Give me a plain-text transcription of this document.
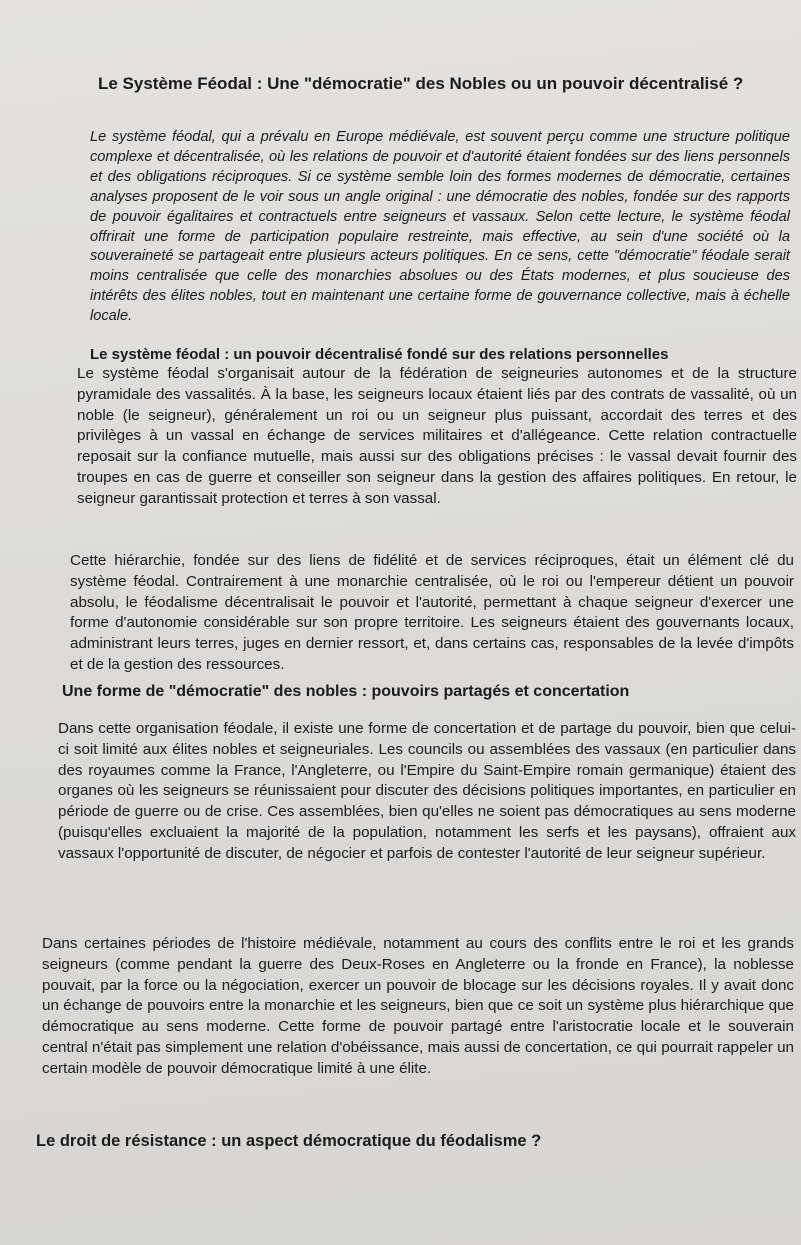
Le Système Féodal : Une "démocratie" des Nobles ou un pouvoir décentralisé ?

Le système féodal, qui a prévalu en Europe médiévale, est souvent perçu comme une structure politique complexe et décentralisée, où les relations de pouvoir et d'autorité étaient fondées sur des liens personnels et des obligations réciproques. Si ce système semble loin des formes modernes de démocratie, certaines analyses proposent de le voir sous un angle original : une démocratie des nobles, fondée sur des rapports de pouvoir égalitaires et contractuels entre seigneurs et vassaux. Selon cette lecture, le système féodal offrirait une forme de participation populaire restreinte, mais effective, au sein d'une société où la souveraineté se partageait entre plusieurs acteurs politiques. En ce sens, cette "démocratie" féodale serait moins centralisée que celle des monarchies absolues ou des États modernes, et plus soucieuse des intérêts des élites nobles, tout en maintenant une certaine forme de gouvernance collective, mais à échelle locale.

Le système féodal : un pouvoir décentralisé fondé sur des relations personnelles

Le système féodal s'organisait autour de la fédération de seigneuries autonomes et de la structure pyramidale des vassalités. À la base, les seigneurs locaux étaient liés par des contrats de vassalité, où un noble (le seigneur), généralement un roi ou un seigneur plus puissant, accordait des terres et des privilèges à un vassal en échange de services militaires et d'allégeance. Cette relation contractuelle reposait sur la confiance mutuelle, mais aussi sur des obligations précises : le vassal devait fournir des troupes en cas de guerre et conseiller son seigneur dans la gestion des affaires politiques. En retour, le seigneur garantissait protection et terres à son vassal.

Cette hiérarchie, fondée sur des liens de fidélité et de services réciproques, était un élément clé du système féodal. Contrairement à une monarchie centralisée, où le roi ou l'empereur détient un pouvoir absolu, le féodalisme décentralisait le pouvoir et l'autorité, permettant à chaque seigneur d'exercer une forme d'autonomie considérable sur son propre territoire. Les seigneurs étaient des gouvernants locaux, administrant leurs terres, juges en dernier ressort, et, dans certains cas, responsables de la levée d'impôts et de la gestion des ressources.

Une forme de "démocratie" des nobles : pouvoirs partagés et concertation

Dans cette organisation féodale, il existe une forme de concertation et de partage du pouvoir, bien que celui-ci soit limité aux élites nobles et seigneuriales. Les councils ou assemblées des vassaux (en particulier dans des royaumes comme la France, l'Angleterre, ou l'Empire du Saint-Empire romain germanique) étaient des organes où les seigneurs se réunissaient pour discuter des décisions politiques importantes, en particulier en période de guerre ou de crise. Ces assemblées, bien qu'elles ne soient pas démocratiques au sens moderne (puisqu'elles excluaient la majorité de la population, notamment les serfs et les paysans), offraient aux vassaux l'opportunité de discuter, de négocier et parfois de contester l'autorité de leur seigneur supérieur.

Dans certaines périodes de l'histoire médiévale, notamment au cours des conflits entre le roi et les grands seigneurs (comme pendant la guerre des Deux-Roses en Angleterre ou la fronde en France), la noblesse pouvait, par la force ou la négociation, exercer un pouvoir de blocage sur les décisions royales. Il y avait donc un échange de pouvoirs entre la monarchie et les seigneurs, bien que ce soit un système plus hiérarchique que démocratique au sens moderne. Cette forme de pouvoir partagé entre l'aristocratie locale et le souverain central n'était pas simplement une relation d'obéissance, mais aussi de concertation, ce qui pourrait rappeler un certain modèle de pouvoir démocratique limité à une élite.

Le droit de résistance : un aspect démocratique du féodalisme ?
